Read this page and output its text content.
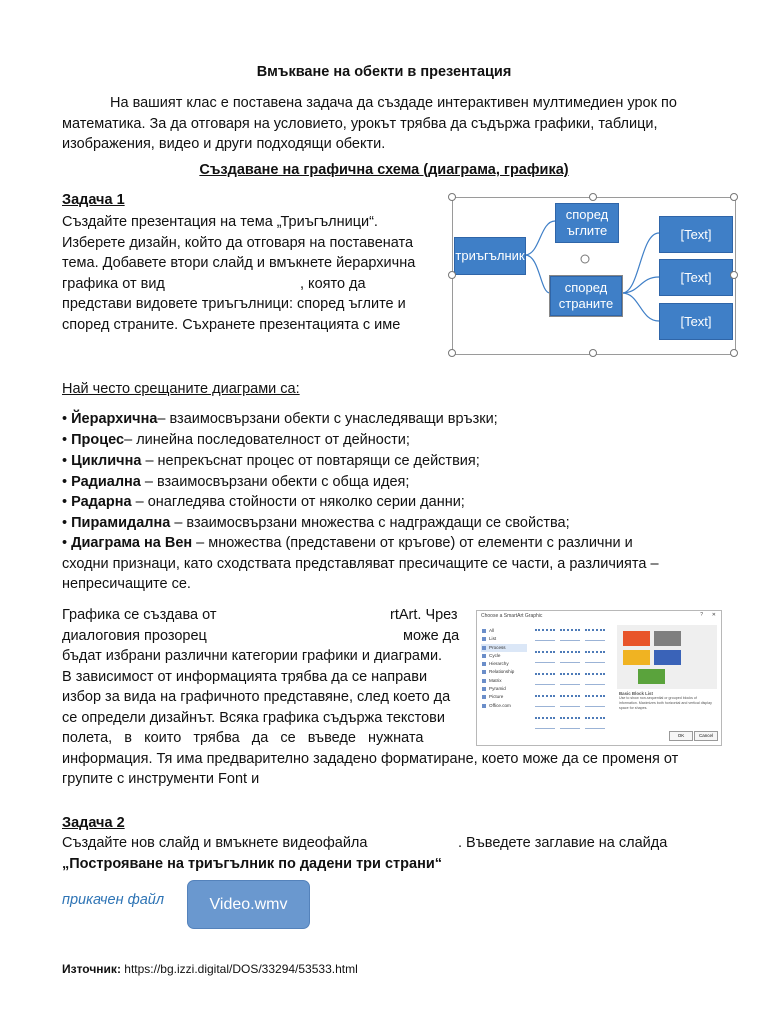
Вмъкване на обекти в презентация
На вашият клас е поставена задача да създаде интерактивен мултимедиен урок по
математика. За да отговаря на условието, урокът трябва да съдържа графики, таблици,
изображения, видео и други подходящи обекти.
Създаване на графична схема (диаграма, графика)
Задача 1
Създайте презентация на тема „Триъгълници“.
Изберете дизайн, който да отговаря на поставената
тема. Добавете втори слайд и вмъкнете йерархична
графика от вид	, която да
представи видовете триъгълници: според ъглите и
според страните. Съхранете презентацията с име
триъгълник
според
ъглите
според
страните
[Text]
[Text]
[Text]
Най често срещаните диаграми са:
• Йерархична– взаимосвързани обекти с унаследяващи връзки;
• Процес– линейна последователност от дейности;
• Циклична – непрекъснат процес от повтарящи се действия;
• Радиална – взаимосвързани обекти с обща идея;
• Радарна – онагледява стойности от няколко серии данни;
• Пирамидална – взаимосвързани множества с надграждащи се свойства;
• Диаграма на Вен – множества (представени от кръгове) от елементи с различни и
сходни признаци, като сходствата представляват пресичащите се части, а различията –
непресичащите се.
Графика се създава от	rtArt. Чрез
диалоговия прозорец	може да
бъдат избрани различни категории графики и диаграми.
В зависимост от информацията трябва да се направи
избор за вида на графичното представяне, след което да
се определи дизайнът. Всяка графика съдържа текстови
полета,   в   които   трябва   да   се   въведе   нужната
информация. Тя има предварително зададено форматиране, което може да се променя от
групите с инструменти Font и
Choose a SmartArt Graphic	? ✕
All
List
Process
Cycle
Hierarchy
Relationship
Matrix
Pyramid
Picture
Office.com
Basic Block List
Use to show non-sequential or grouped blocks of information. Maximizes both horizontal and vertical display space for shapes.
OK	Cancel
Задача 2
Създайте нов слайд и вмъкнете видеофайла	. Въведете заглавие на слайда
„Построяване на триъгълник по дадени три страни“
прикачен файл	Video.wmv
Източник: https://bg.izzi.digital/DOS/33294/53533.html
